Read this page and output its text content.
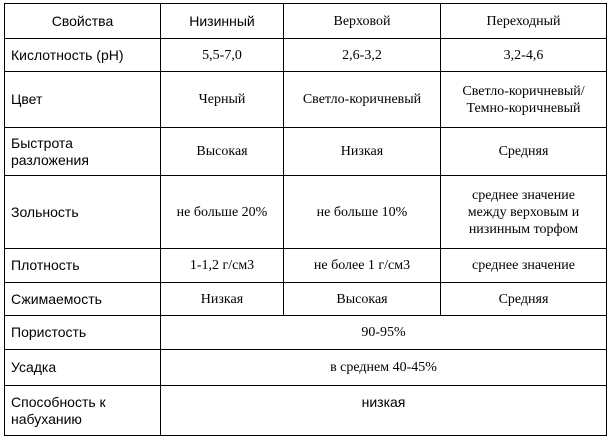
Свойства	Низинный	Верховой	Переходный
Кислотность (pH)	5,5-7,0	2,6-3,2	3,2-4,6
Цвет	Черный	Светло-коричневый	Светло-коричневый/
Темно-коричневый
Быстрота
разложения	Высокая	Низкая	Средняя
Зольность	не больше 20%	не больше 10%	среднее значение
между верховым и
низинным торфом
Плотность	1-1,2 г/см3	не более 1 г/см3	среднее значение
Сжимаемость	Низкая	Высокая	Средняя
Пористость	90-95%		
Усадка	в среднем 40-45%		
Способность к
набуханию	низкая		
